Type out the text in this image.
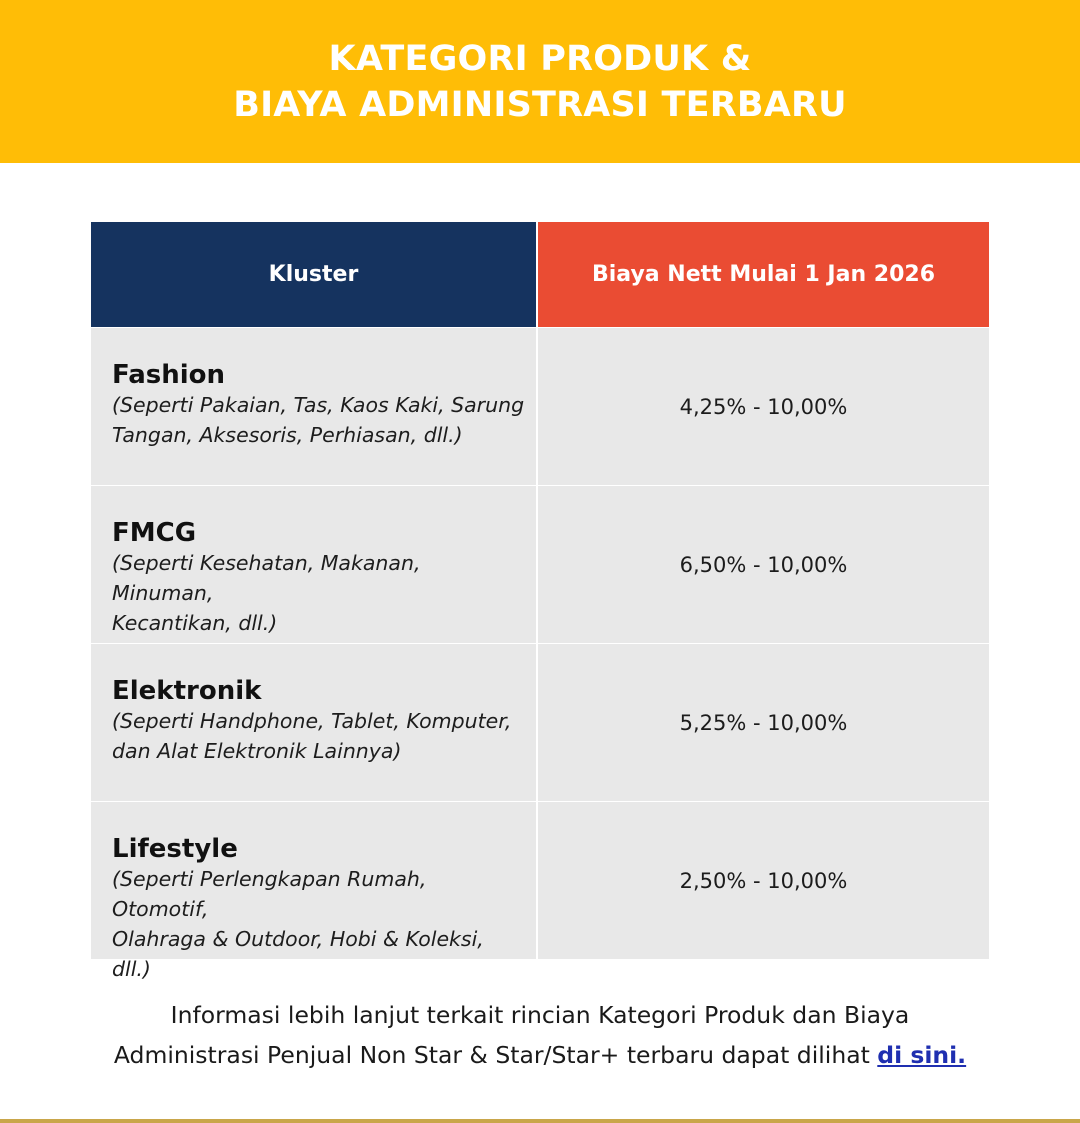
KATEGORI PRODUK &
BIAYA ADMINISTRASI TERBARU
Kluster	Biaya Nett Mulai 1 Jan 2026
Fashion
(Seperti Pakaian, Tas, Kaos Kaki, Sarung
Tangan, Aksesoris, Perhiasan, dll.)
4,25% - 10,00%
FMCG
(Seperti Kesehatan, Makanan, Minuman,
Kecantikan, dll.)
6,50% - 10,00%
Elektronik
(Seperti Handphone, Tablet, Komputer,
dan Alat Elektronik Lainnya)
5,25% - 10,00%
Lifestyle
(Seperti Perlengkapan Rumah, Otomotif,
Olahraga & Outdoor, Hobi & Koleksi, dll.)
2,50% - 10,00%
Informasi lebih lanjut terkait rincian Kategori Produk dan Biaya
Administrasi Penjual Non Star & Star/Star+ terbaru dapat dilihat di sini.
